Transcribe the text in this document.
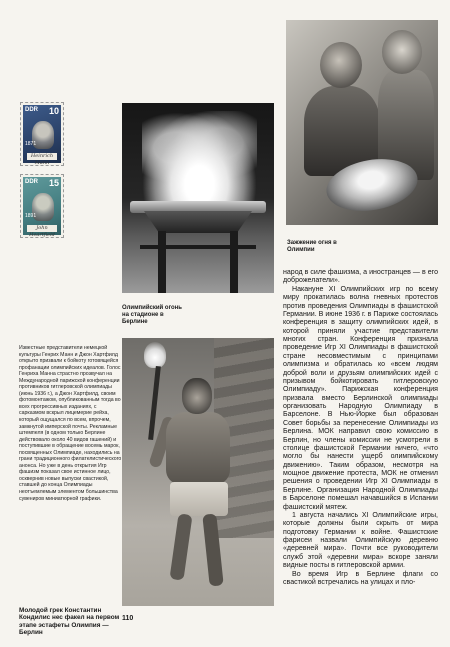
DDR 10
1871
Heinrich Mann
DDR 15
1891
John Heartfield
Олимпийский огонь на стадионе в Берлине
Зажжение огня в Олимпии
Известные представители немецкой культуры Генрих Манн и Джон Хартфилд открыто призвали к бойкоту готовящейся профанации олимпийских идеалов. Голос Генриха Манна страстно прозвучал на Международной парижской конференции противников гитлеровской олимпиады (июнь 1936 г.), а Джон Хартфилд, своим фотомонтажом, опубликованным тогда во всех прогрессивных изданиях, с сарказмом вскрыл лицемерие рейха, который ощущался по всем, впрочем, замкнутой имперской почты. Рекламные штемпеля (в одном только Берлине действовало около 40 видов гашений) и поступившие в обращение восемь марок, посвященных Олимпиаде, находились на грани традиционного филателистического анонса. Но уже в день открытия Игр фашизм показал свое истинное лицо, осквернив новые выпуски свастикой, ставшей до конца Олимпиады неотъемлемым элементом большинства сувениров миниатюрной графики.
Молодой грек Константин Кондилис нес факел на первом этапе эстафеты Олимпия — Берлин

народ в силе фашизма, а иностранцев — в его доброжелатели».

Накануне XI Олимпийских игр по всему миру прокатилась волна гневных протестов против проведения Олимпиады в фашистской Германии. В июне 1936 г. в Париже состоялась конференция в защиту олимпийских идей, в которой приняли участие представители многих стран. Конференция признала проведение Игр XI Олимпиады в фашистской стране несовместимым с принципами олимпизма и обратилась ко «всем людям доброй воли и друзьям олимпийских идей с призывом бойкотировать гитлеровскую Олимпиаду». Парижская конференция призвала вместо Берлинской олимпиады организовать Народную Олимпиаду в Барселоне. В Нью-Йорке был образован Совет борьбы за перенесение Олимпиады из Берлина. МОК направил свою комиссию в Берлин, но члены комиссии не усмотрели в столице фашистской Германии ничего, «что могло бы нанести ущерб олимпийскому движению». Таким образом, несмотря на мощное движение протеста, МОК не отменил решения о проведении Игр XI Олимпиады в Берлине. Организация Народной Олимпиады в Барселоне помешал начавшийся в Испании фашистский мятеж.

1 августа начались XI Олимпийские игры, которые должны были скрыть от мира подготовку Германии к войне. Фашистские фарисеи назвали Олимпийскую деревню «деревней мира». Почти все руководители служб этой «деревни мира» вскоре заняли видные посты в гитлеровской армии.

Во время Игр в Берлине флаги со свастикой встречались на улицах и пло-

110
